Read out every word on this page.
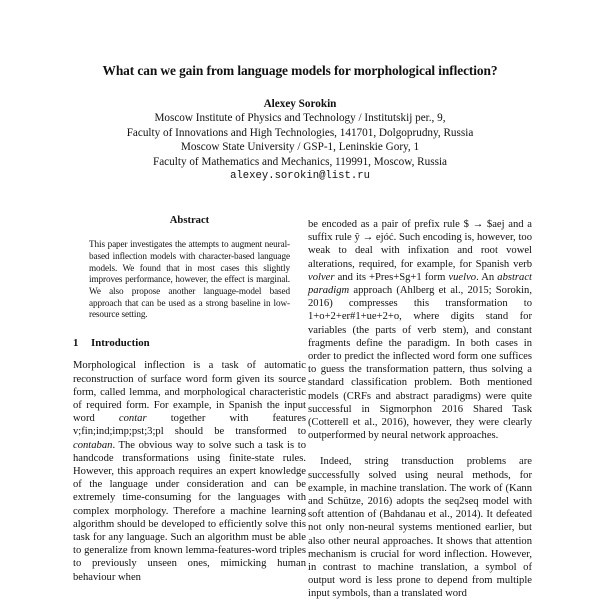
What can we gain from language models for morphological inflection?
Alexey Sorokin
Moscow Institute of Physics and Technology / Institutskij per., 9,
Faculty of Innovations and High Technologies, 141701, Dolgoprudny, Russia
Moscow State University / GSP-1, Leninskie Gory, 1
Faculty of Mathematics and Mechanics, 119991, Moscow, Russia
alexey.sorokin@list.ru
Abstract
This paper investigates the attempts to augment neural-based inflection models with character-based language models. We found that in most cases this slightly improves performance, however, the effect is marginal. We also propose another language-model based approach that can be used as a strong baseline in low-resource setting.
1 Introduction

Morphological inflection is a task of automatic reconstruction of surface word form given its source form, called lemma, and morphological characteristic of required form. For example, in Spanish the input word contar together with features v;fin;ind;imp;pst;3;pl should be transformed to contaban. The obvious way to solve such a task is to handcode transformations using finite-state rules. However, this approach requires an expert knowledge of the language under consideration and can be extremely time-consuming for the languages with complex morphology. Therefore a machine learning algorithm should be developed to efficiently solve this task for any language. Such an algorithm must be able to generalize from known lemma-features-word triples to previously unseen ones, mimicking human behaviour when

be encoded as a pair of prefix rule $ → $aej and a suffix rule ŷ → ejóć. Such encoding is, however, too weak to deal with infixation and root vowel alterations, required, for example, for Spanish verb volver and its +Pres+Sg+1 form vuelvo. An abstract paradigm approach (Ahlberg et al., 2015; Sorokin, 2016) compresses this transformation to 1+o+2+er#1+ue+2+o, where digits stand for variables (the parts of verb stem), and constant fragments define the paradigm. In both cases in order to predict the inflected word form one suffices to guess the transformation pattern, thus solving a standard classification problem. Both mentioned models (CRFs and abstract paradigms) were quite successful in Sigmorphon 2016 Shared Task (Cotterell et al., 2016), however, they were clearly outperformed by neural network approaches.

Indeed, string transduction problems are successfully solved using neural methods, for example, in machine translation. The work of (Kann and Schütze, 2016) adopts the seq2seq model with soft attention of (Bahdanau et al., 2014). It defeated not only non-neural systems mentioned earlier, but also other neural approaches. It shows that attention mechanism is crucial for word inflection. However, in contrast to machine translation, a symbol of output word is less prone to depend from multiple input symbols, than a translated word
